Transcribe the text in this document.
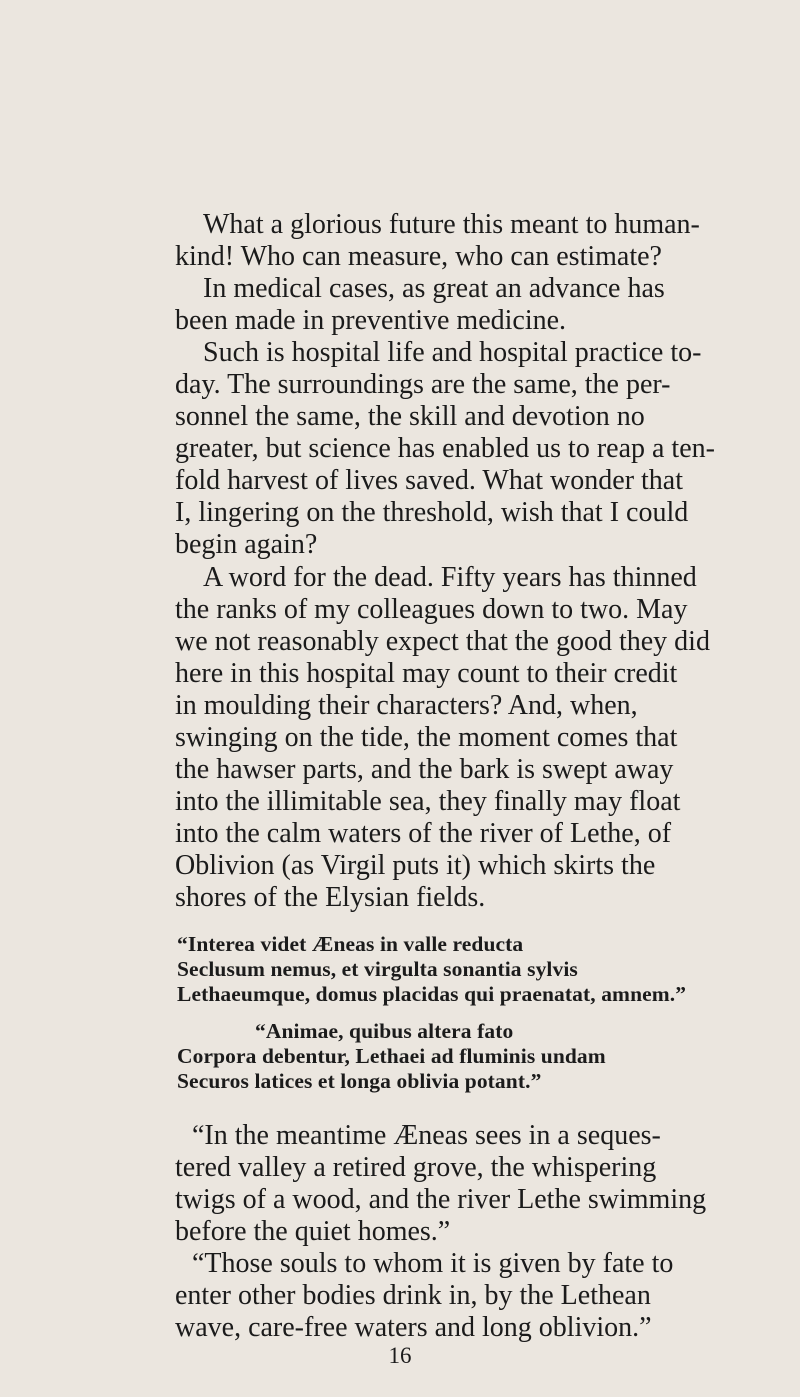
What a glorious future this meant to human-
kind! Who can measure, who can estimate?
In medical cases, as great an advance has
been made in preventive medicine.
Such is hospital life and hospital practice to-
day. The surroundings are the same, the per-
sonnel the same, the skill and devotion no
greater, but science has enabled us to reap a ten-
fold harvest of lives saved. What wonder that
I, lingering on the threshold, wish that I could
begin again?
A word for the dead. Fifty years has thinned
the ranks of my colleagues down to two. May
we not reasonably expect that the good they did
here in this hospital may count to their credit
in moulding their characters? And, when,
swinging on the tide, the moment comes that
the hawser parts, and the bark is swept away
into the illimitable sea, they finally may float
into the calm waters of the river of Lethe, of
Oblivion (as Virgil puts it) which skirts the
shores of the Elysian fields.
“Interea videt Æneas in valle reducta
Seclusum nemus, et virgulta sonantia sylvis
Lethaeumque, domus placidas qui praenatat, amnem.”
“Animae, quibus altera fato
Corpora debentur, Lethaei ad fluminis undam
Securos latices et longa oblivia potant.”
“In the meantime Æneas sees in a seques-
tered valley a retired grove, the whispering
twigs of a wood, and the river Lethe swimming
before the quiet homes.”
“Those souls to whom it is given by fate to
enter other bodies drink in, by the Lethean
wave, care-free waters and long oblivion.”
16
